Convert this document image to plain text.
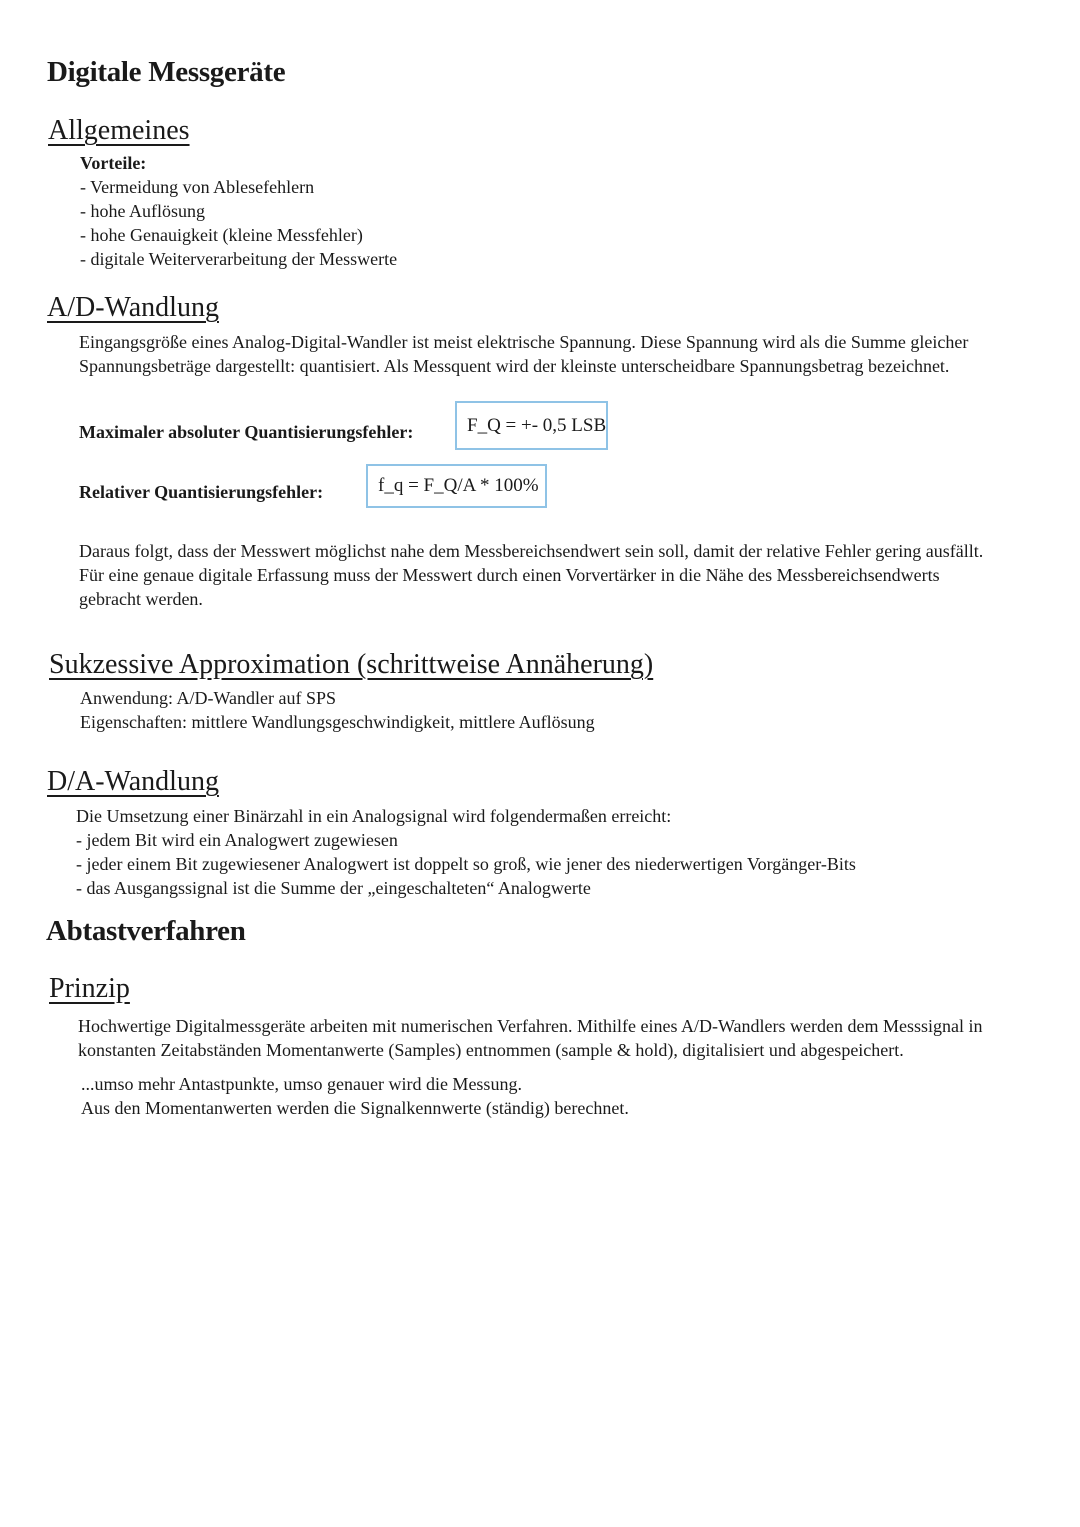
Digitale Messgeräte
Allgemeines
Vorteile:
- Vermeidung von Ablesefehlern
- hohe Auflösung
- hohe Genauigkeit (kleine Messfehler)
- digitale Weiterverarbeitung der Messwerte
A/D-Wandlung
Eingangsgröße eines Analog-Digital-Wandler ist meist elektrische Spannung. Diese Spannung wird als die Summe gleicher
Spannungsbeträge dargestellt: quantisiert. Als Messquent wird der kleinste unterscheidbare Spannungsbetrag bezeichnet.
Maximaler absoluter Quantisierungsfehler:	F_Q = +- 0,5 LSB
Relativer Quantisierungsfehler:	f_q = F_Q/A * 100%
Daraus folgt, dass der Messwert möglichst nahe dem Messbereichsendwert sein soll, damit der relative Fehler gering ausfällt.
Für eine genaue digitale Erfassung muss der Messwert durch einen Vorvertärker in die Nähe des Messbereichsendwerts
gebracht werden.
Sukzessive Approximation (schrittweise Annäherung)
Anwendung: A/D-Wandler auf SPS
Eigenschaften: mittlere Wandlungsgeschwindigkeit, mittlere Auflösung
D/A-Wandlung
Die Umsetzung einer Binärzahl in ein Analogsignal wird folgendermaßen erreicht:
- jedem Bit wird ein Analogwert zugewiesen
- jeder einem Bit zugewiesener Analogwert ist doppelt so groß, wie jener des niederwertigen Vorgänger-Bits
- das Ausgangssignal ist die Summe der „eingeschalteten“ Analogwerte
Abtastverfahren
Prinzip
Hochwertige Digitalmessgeräte arbeiten mit numerischen Verfahren. Mithilfe eines A/D-Wandlers werden dem Messsignal in
konstanten Zeitabständen Momentanwerte (Samples) entnommen (sample & hold), digitalisiert und abgespeichert.
...umso mehr Antastpunkte, umso genauer wird die Messung.
Aus den Momentanwerten werden die Signalkennwerte (ständig) berechnet.
